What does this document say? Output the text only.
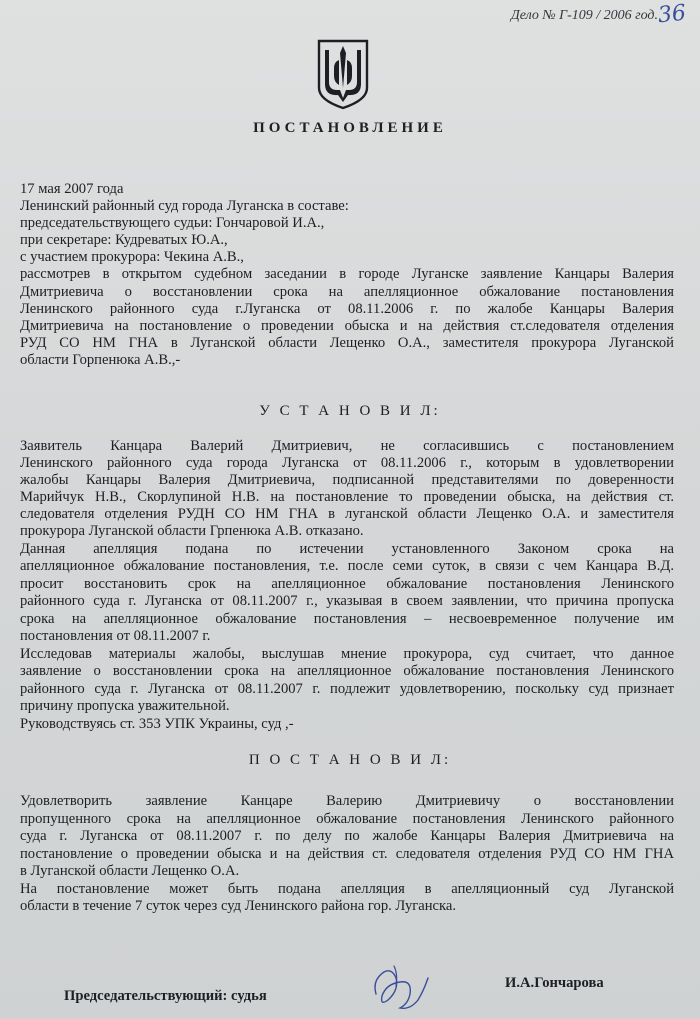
Дело № Г-109 / 2006 год.
36
ПОСТАНОВЛЕНИЕ
17 мая 2007 года
Ленинский районный суд города Луганска в составе:
председательствующего судьи: Гончаровой И.А.,
при секретаре: Кудреватых Ю.А.,
с участием прокурора: Чекина А.В.,
рассмотрев в открытом судебном заседании в городе Луганске заявление Канцары Валерия
Дмитриевича о восстановлении срока на апелляционное обжалование постановления
Ленинского районного суда г.Луганска от 08.11.2006 г. по жалобе Канцары Валерия
Дмитриевича на постановление о проведении обыска и на действия ст.следователя отделения
РУД СО НМ ГНА в Луганской области Лещенко О.А., заместителя прокурора Луганской
области Горпенюка А.В.,-
У С Т А Н О В И Л:
Заявитель Канцара Валерий Дмитриевич, не согласившись с постановлением
Ленинского районного суда города Луганска от 08.11.2006 г., которым в удовлетворении
жалобы Канцары Валерия Дмитриевича, подписанной представителями по доверенности
Марийчук Н.В., Скорлупиной Н.В. на постановление то проведении обыска, на действия ст.
следователя отделения РУДН СО НМ ГНА в луганской области Лещенко О.А. и заместителя
прокурора Луганской области Грпенюка А.В. отказано.
Данная апелляция подана по истечении установленного Законом срока на
апелляционное обжалование постановления, т.е. после семи суток, в связи с чем Канцара В.Д.
просит восстановить срок на апелляционное обжалование постановления Ленинского
районного суда г. Луганска от 08.11.2007 г., указывая в своем заявлении, что причина пропуска
срока на апелляционное обжалование постановления – несвоевременное получение им
постановления от 08.11.2007 г.
Исследовав материалы жалобы, выслушав мнение прокурора, суд считает, что данное
заявление о восстановлении срока на апелляционное обжалование постановления Ленинского
районного суда г. Луганска от 08.11.2007 г. подлежит удовлетворению, поскольку суд признает
причину пропуска уважительной.
Руководствуясь ст. 353 УПК Украины, суд ,-
П О С Т А Н О В И Л:
Удовлетворить заявление Канцаре Валерию Дмитриевичу о восстановлении
пропущенного срока на апелляционное обжалование постановления Ленинского районного
суда г. Луганска от 08.11.2007 г. по делу по жалобе Канцары Валерия Дмитриевича на
постановление о проведении обыска и на действия ст. следователя отделения РУД СО НМ ГНА
в Луганской области Лещенко О.А.
На постановление может быть подана апелляция в апелляционный суд Луганской
области в течение 7 суток через суд Ленинского района гор. Луганска.
Председательствующий: судья
И.А.Гончарова
